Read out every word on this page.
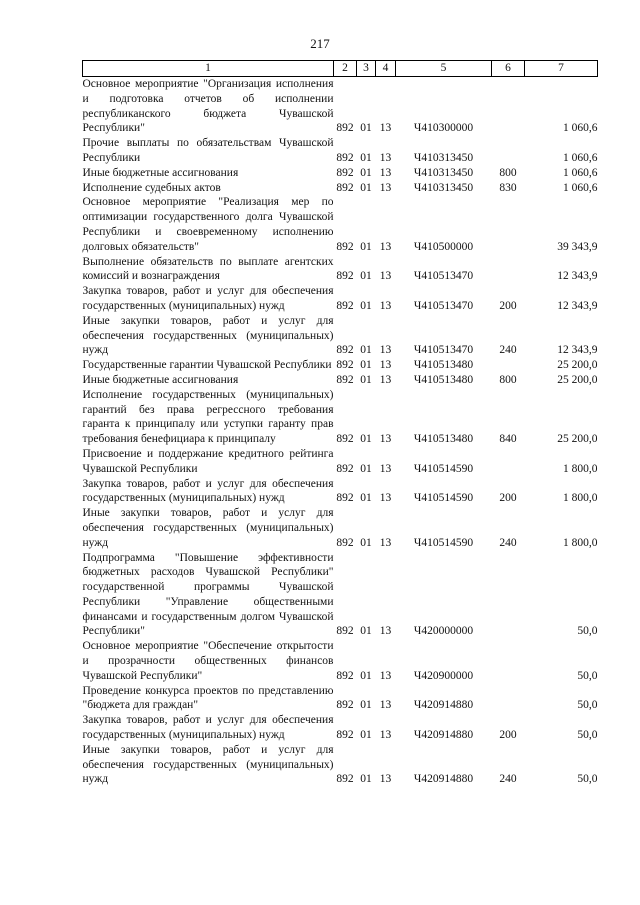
217
1	2	3	4	5	6	7
Основное мероприятие "Организация исполнения и подготовка отчетов об исполнении республиканского бюджета Чувашской Республики"	892	01	13	Ч410300000		1 060,6
Прочие выплаты по обязательствам Чувашской Республики	892	01	13	Ч410313450		1 060,6
Иные бюджетные ассигнования	892	01	13	Ч410313450	800	1 060,6
Исполнение судебных актов	892	01	13	Ч410313450	830	1 060,6
Основное мероприятие "Реализация мер по оптимизации государственного долга Чувашской Республики и своевременному исполнению долговых обязательств"	892	01	13	Ч410500000		39 343,9
Выполнение обязательств по выплате агентских комиссий и вознаграждения	892	01	13	Ч410513470		12 343,9
Закупка товаров, работ и услуг для обеспечения государственных (муниципальных) нужд	892	01	13	Ч410513470	200	12 343,9
Иные закупки товаров, работ и услуг для обеспечения государственных (муниципальных) нужд	892	01	13	Ч410513470	240	12 343,9
Государственные гарантии Чувашской Республики	892	01	13	Ч410513480		25 200,0
Иные бюджетные ассигнования	892	01	13	Ч410513480	800	25 200,0
Исполнение государственных (муниципальных) гарантий без права регрессного требования гаранта к принципалу или уступки гаранту прав требования бенефициара к принципалу	892	01	13	Ч410513480	840	25 200,0
Присвоение и поддержание кредитного рейтинга Чувашской Республики	892	01	13	Ч410514590		1 800,0
Закупка товаров, работ и услуг для обеспечения государственных (муниципальных) нужд	892	01	13	Ч410514590	200	1 800,0
Иные закупки товаров, работ и услуг для обеспечения государственных (муниципальных) нужд	892	01	13	Ч410514590	240	1 800,0
Подпрограмма "Повышение эффективности бюджетных расходов Чувашской Республики" государственной программы Чувашской Республики "Управление общественными финансами и государственным долгом Чувашской Республики"	892	01	13	Ч420000000		50,0
Основное мероприятие "Обеспечение открытости и прозрачности общественных финансов Чувашской Республики"	892	01	13	Ч420900000		50,0
Проведение конкурса проектов по представлению "бюджета для граждан"	892	01	13	Ч420914880		50,0
Закупка товаров, работ и услуг для обеспечения государственных (муниципальных) нужд	892	01	13	Ч420914880	200	50,0
Иные закупки товаров, работ и услуг для обеспечения государственных (муниципальных) нужд	892	01	13	Ч420914880	240	50,0
